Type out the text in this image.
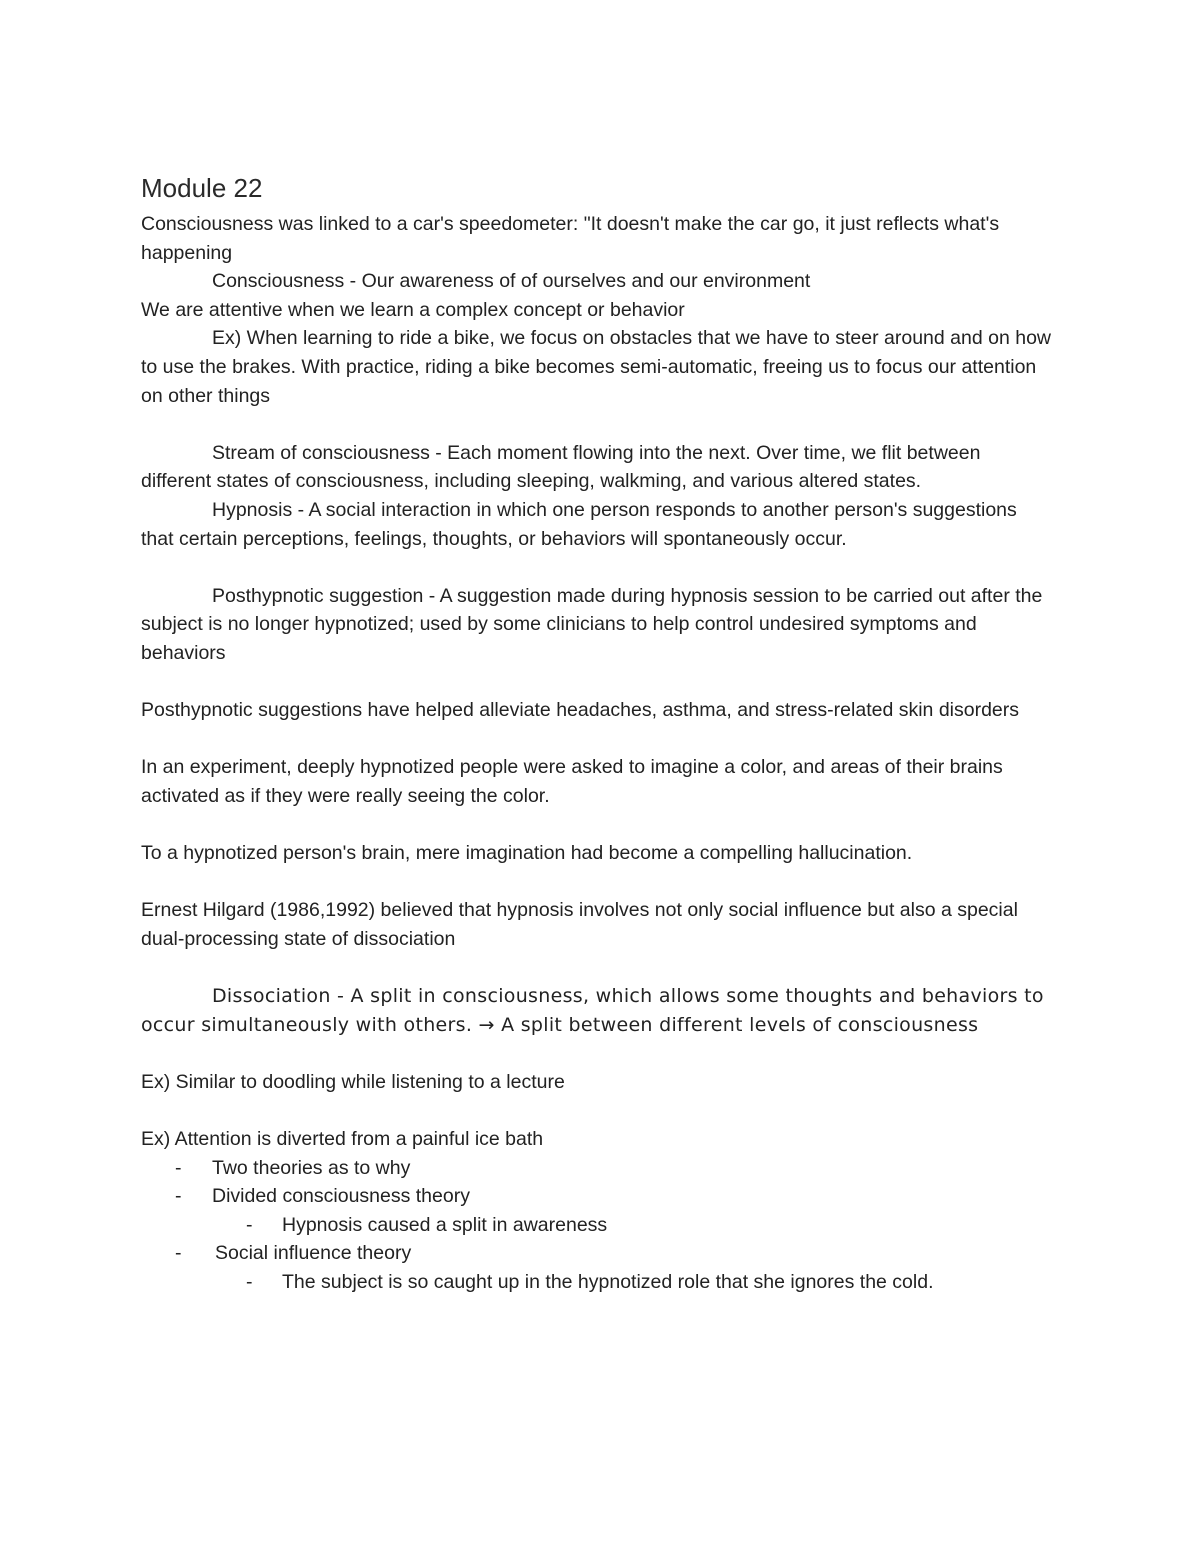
Module 22

Consciousness was linked to a car's speedometer: "It doesn't make the car go, it just reflects what's happening

Consciousness - Our awareness of of ourselves and our environment

We are attentive when we learn a complex concept or behavior

Ex) When learning to ride a bike, we focus on obstacles that we have to steer around and on how to use the brakes. With practice, riding a bike becomes semi-automatic, freeing us to focus our attention on other things

Stream of consciousness - Each moment flowing into the next. Over time, we flit between different states of consciousness, including sleeping, walkming, and various altered states.

Hypnosis - A social interaction in which one person responds to another person's suggestions that certain perceptions, feelings, thoughts, or behaviors will spontaneously occur.

Posthypnotic suggestion - A suggestion made during hypnosis session to be carried out after the subject is no longer hypnotized; used by some clinicians to help control undesired symptoms and behaviors

Posthypnotic suggestions have helped alleviate headaches, asthma, and stress-related skin disorders

In an experiment, deeply hypnotized people were asked to imagine a color, and areas of their brains activated as if they were really seeing the color.

To a hypnotized person's brain, mere imagination had become a compelling hallucination.

Ernest Hilgard (1986,1992) believed that hypnosis involves not only social influence but also a special dual-processing state of dissociation

Dissociation - A split in consciousness, which allows some thoughts and behaviors to occur simultaneously with others. → A split between different levels of consciousness

Ex) Similar to doodling while listening to a lecture

Ex) Attention is diverted from a painful ice bath

-	Two theories as to why
-	Divided consciousness theory
-	Hypnosis caused a split in awareness
-	Social influence theory
-	The subject is so caught up in the hypnotized role that she ignores the cold.
